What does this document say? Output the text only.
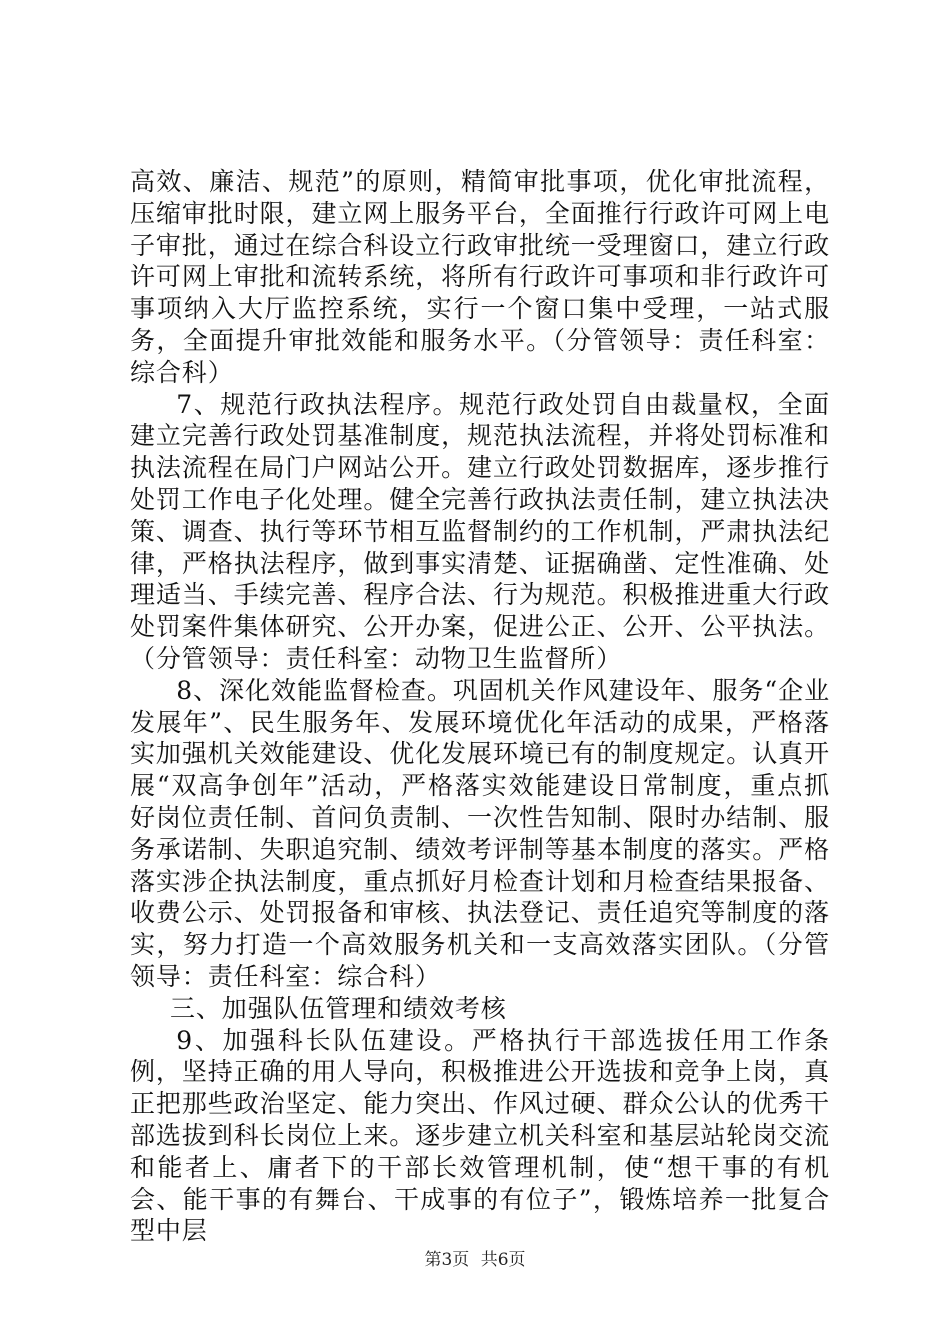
高效、廉洁、规范”的原则，精简审批事项，优化审批流程，压缩审批时限，建立网上服务平台，全面推行行政许可网上电子审批，通过在综合科设立行政审批统一受理窗口，建立行政许可网上审批和流转系统，将所有行政许可事项和非行政许可事项纳入大厅监控系统，实行一个窗口集中受理，一站式服务，全面提升审批效能和服务水平。（分管领导：责任科室：综合科）

7、规范行政执法程序。规范行政处罚自由裁量权，全面建立完善行政处罚基准制度，规范执法流程，并将处罚标准和执法流程在局门户网站公开。建立行政处罚数据库，逐步推行处罚工作电子化处理。健全完善行政执法责任制，建立执法决策、调查、执行等环节相互监督制约的工作机制，严肃执法纪律，严格执法程序，做到事实清楚、证据确凿、定性准确、处理适当、手续完善、程序合法、行为规范。积极推进重大行政处罚案件集体研究、公开办案，促进公正、公开、公平执法。（分管领导：责任科室：动物卫生监督所）

8、深化效能监督检查。巩固机关作风建设年、服务“企业发展年”、民生服务年、发展环境优化年活动的成果，严格落实加强机关效能建设、优化发展环境已有的制度规定。认真开展“双高争创年”活动，严格落实效能建设日常制度，重点抓好岗位责任制、首问负责制、一次性告知制、限时办结制、服务承诺制、失职追究制、绩效考评制等基本制度的落实。严格落实涉企执法制度，重点抓好月检查计划和月检查结果报备、收费公示、处罚报备和审核、执法登记、责任追究等制度的落实，努力打造一个高效服务机关和一支高效落实团队。（分管领导：责任科室：综合科）

三、加强队伍管理和绩效考核

9、加强科长队伍建设。严格执行干部选拔任用工作条例，坚持正确的用人导向，积极推进公开选拔和竞争上岗，真正把那些政治坚定、能力突出、作风过硬、群众公认的优秀干部选拔到科长岗位上来。逐步建立机关科室和基层站轮岗交流和能者上、庸者下的干部长效管理机制，使“想干事的有机会、能干事的有舞台、干成事的有位子”，锻炼培养一批复合型中层

第3页 共6页
